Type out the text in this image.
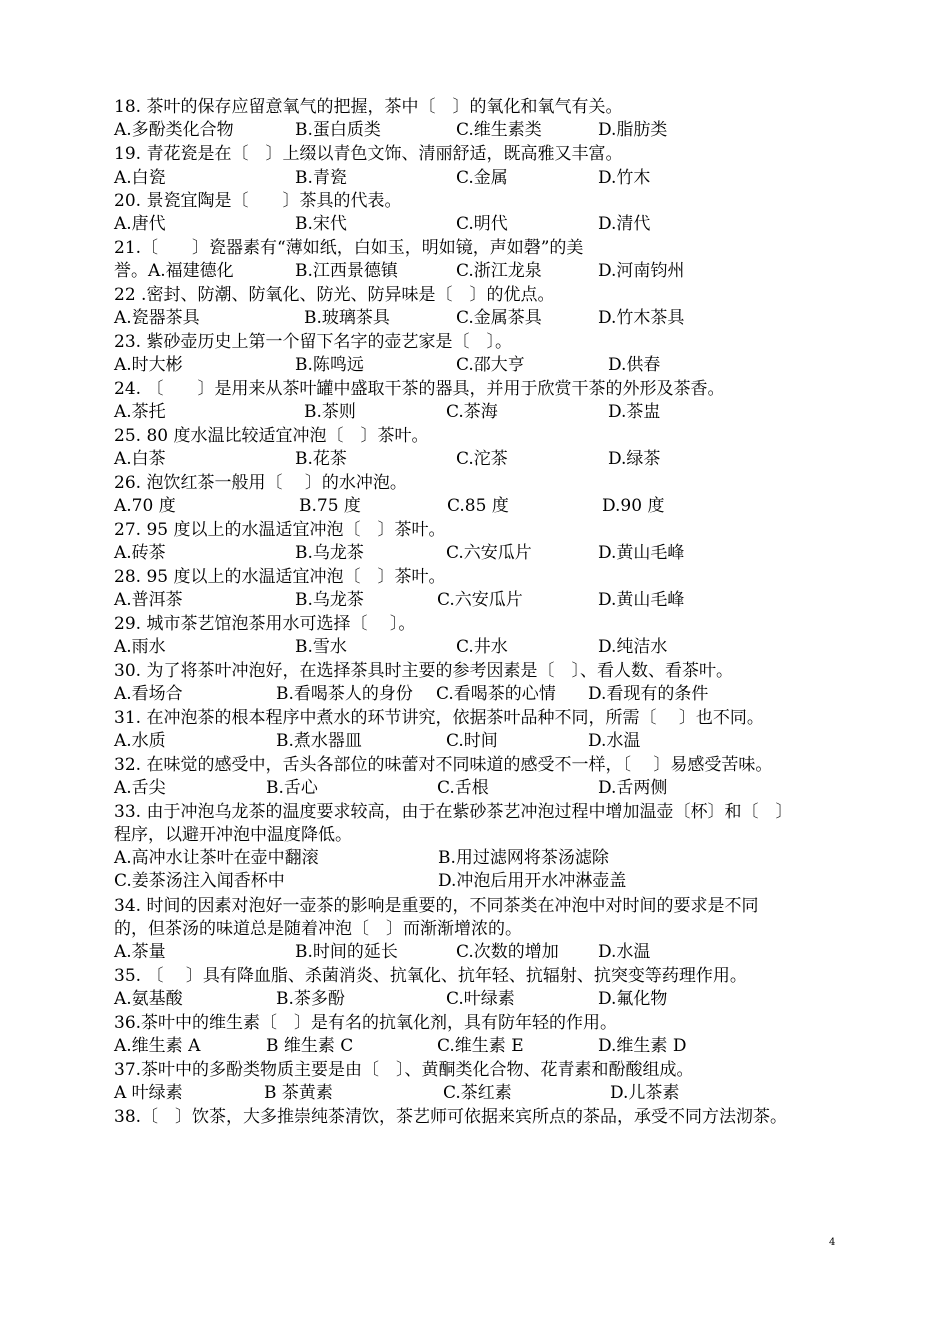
18. 茶叶的保存应留意氧气的把握，茶中〔　〕的氧化和氧气有关。
A.多酚类化合物	B.蛋白质类	C.维生素类	D.脂肪类
19. 青花瓷是在〔　〕上缀以青色文饰、清丽舒适，既高雅又丰富。
A.白瓷	B.青瓷	C.金属	D.竹木
20. 景瓷宜陶是〔　　〕茶具的代表。
A.唐代	B.宋代	C.明代	D.清代
21.〔　　〕瓷器素有“薄如纸，白如玉，明如镜，声如磬”的美
誉。A.福建德化	B.江西景德镇	C.浙江龙泉	D.河南钧州
22 .密封、防潮、防氧化、防光、防异味是〔　〕的优点。
A.瓷器茶具	B.玻璃茶具	C.金属茶具	D.竹木茶具
23. 紫砂壶历史上第一个留下名字的壶艺家是〔　〕。
A.时大彬	B.陈鸣远	C.邵大亨	D.供春
24. 〔　　〕是用来从茶叶罐中盛取干茶的器具，并用于欣赏干茶的外形及茶香。
A.茶托	B.茶则	C.茶海	D.茶盅
25. 80 度水温比较适宜冲泡〔　〕茶叶。
A.白茶	B.花茶	C.沱茶	D.绿茶
26. 泡饮红茶一般用〔　 〕的水冲泡。
A.70 度	B.75 度	C.85 度	D.90 度
27. 95 度以上的水温适宜冲泡〔　〕茶叶。
A.砖茶	B.乌龙茶	C.六安瓜片	D.黄山毛峰
28. 95 度以上的水温适宜冲泡〔　〕茶叶。
A.普洱茶	B.乌龙茶	C.六安瓜片	D.黄山毛峰
29. 城市茶艺馆泡茶用水可选择〔　 〕。
A.雨水	B.雪水	C.井水	D.纯洁水
30. 为了将茶叶冲泡好，在选择茶具时主要的参考因素是〔　〕、看人数、看茶叶。
A.看场合	B.看喝茶人的身份 C.看喝茶的心情 D.看现有的条件
31. 在冲泡茶的根本程序中煮水的环节讲究，依据茶叶品种不同，所需〔　 〕也不同。
A.水质	B.煮水器皿	C.时间	D.水温
32. 在味觉的感受中，舌头各部位的味蕾对不同味道的感受不一样，〔　 〕易感受苦味。
A.舌尖	B.舌心	C.舌根	D.舌两侧
33. 由于冲泡乌龙茶的温度要求较高，由于在紫砂茶艺冲泡过程中增加温壶〔杯〕和〔　〕
程序，以避开冲泡中温度降低。
A.高冲水让茶叶在壶中翻滚	B.用过滤网将茶汤滤除
C.姜茶汤注入闻香杯中	D.冲泡后用开水冲淋壶盖
34. 时间的因素对泡好一壶茶的影响是重要的，不同茶类在冲泡中对时间的要求是不同
的，但茶汤的味道总是随着冲泡〔　〕而渐渐增浓的。
A.茶量	B.时间的延长	C.次数的增加 D.水温
35. 〔　 〕具有降血脂、杀菌消炎、抗氧化、抗年轻、抗辐射、抗突变等药理作用。
A.氨基酸	B.茶多酚	C.叶绿素	D.氟化物
36.茶叶中的维生素〔　〕是有名的抗氧化剂，具有防年轻的作用。
A.维生素 A	B 维生素 C	C.维生素 E	D.维生素 D
37.茶叶中的多酚类物质主要是由〔　〕、黄酮类化合物、花青素和酚酸组成。
A 叶绿素	B 茶黄素	C.茶红素	D.儿茶素
38.〔　〕饮茶，大多推崇纯茶清饮，茶艺师可依据来宾所点的茶品，承受不同方法沏茶。
4
